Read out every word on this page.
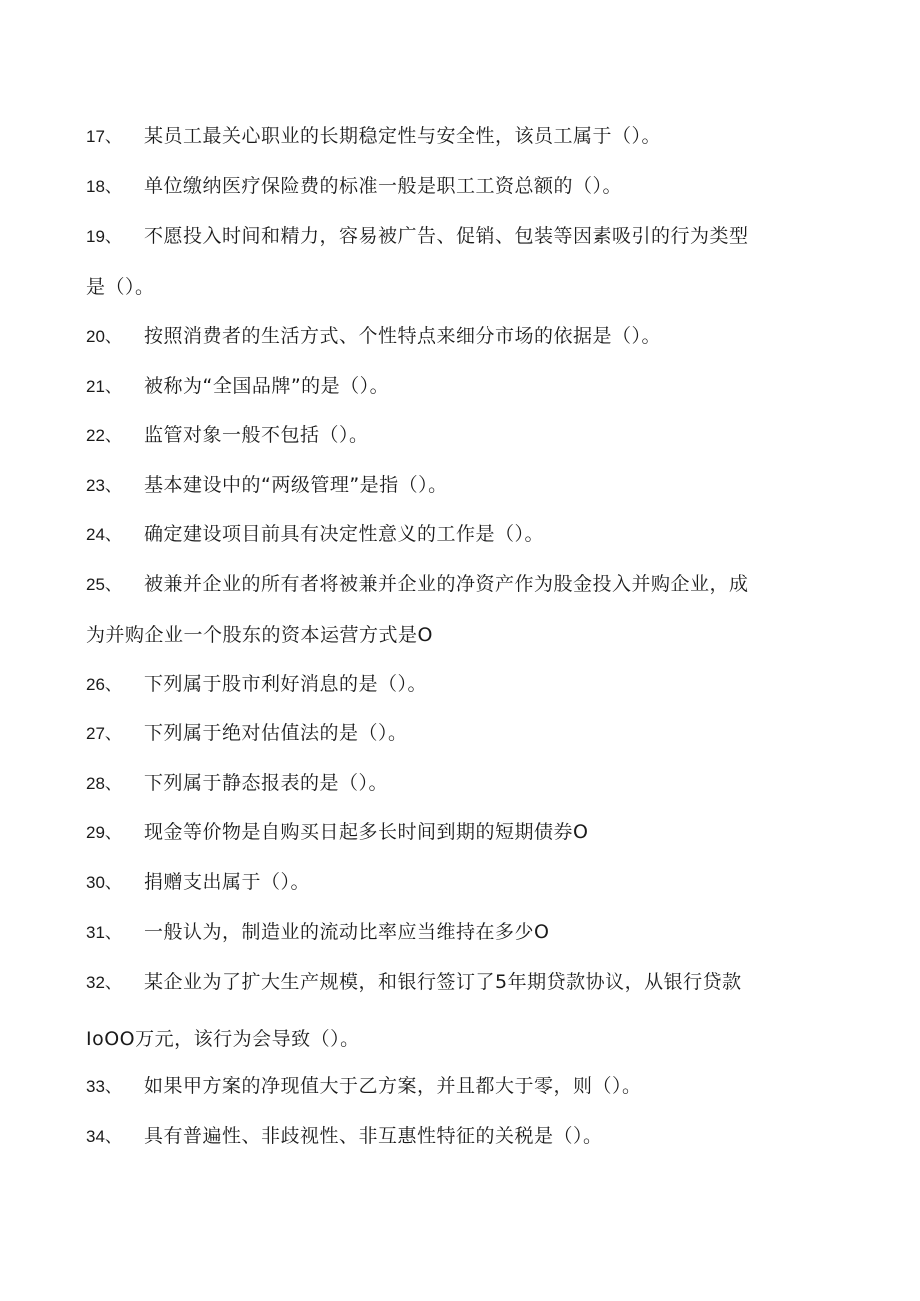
17、 某员工最关心职业的长期稳定性与安全性，该员工属于（）。
18、 单位缴纳医疗保险费的标准一般是职工工资总额的（）。
19、 不愿投入时间和精力，容易被广告、促销、包装等因素吸引的行为类型
是（）。
20、 按照消费者的生活方式、个性特点来细分市场的依据是（）。
21、 被称为“全国品牌”的是（）。
22、 监管对象一般不包括（）。
23、 基本建设中的“两级管理”是指（）。
24、 确定建设项目前具有决定性意义的工作是（）。
25、 被兼并企业的所有者将被兼并企业的净资产作为股金投入并购企业，成
为并购企业一个股东的资本运营方式是O
26、 下列属于股市利好消息的是（）。
27、 下列属于绝对估值法的是（）。
28、 下列属于静态报表的是（）。
29、 现金等价物是自购买日起多长时间到期的短期债券O
30、 捐赠支出属于（）。
31、 一般认为，制造业的流动比率应当维持在多少O
32、 某企业为了扩大生产规模，和银行签订了5年期贷款协议，从银行贷款
IoOO万元，该行为会导致（）。
33、 如果甲方案的净现值大于乙方案，并且都大于零，则（）。
34、 具有普遍性、非歧视性、非互惠性特征的关税是（）。
